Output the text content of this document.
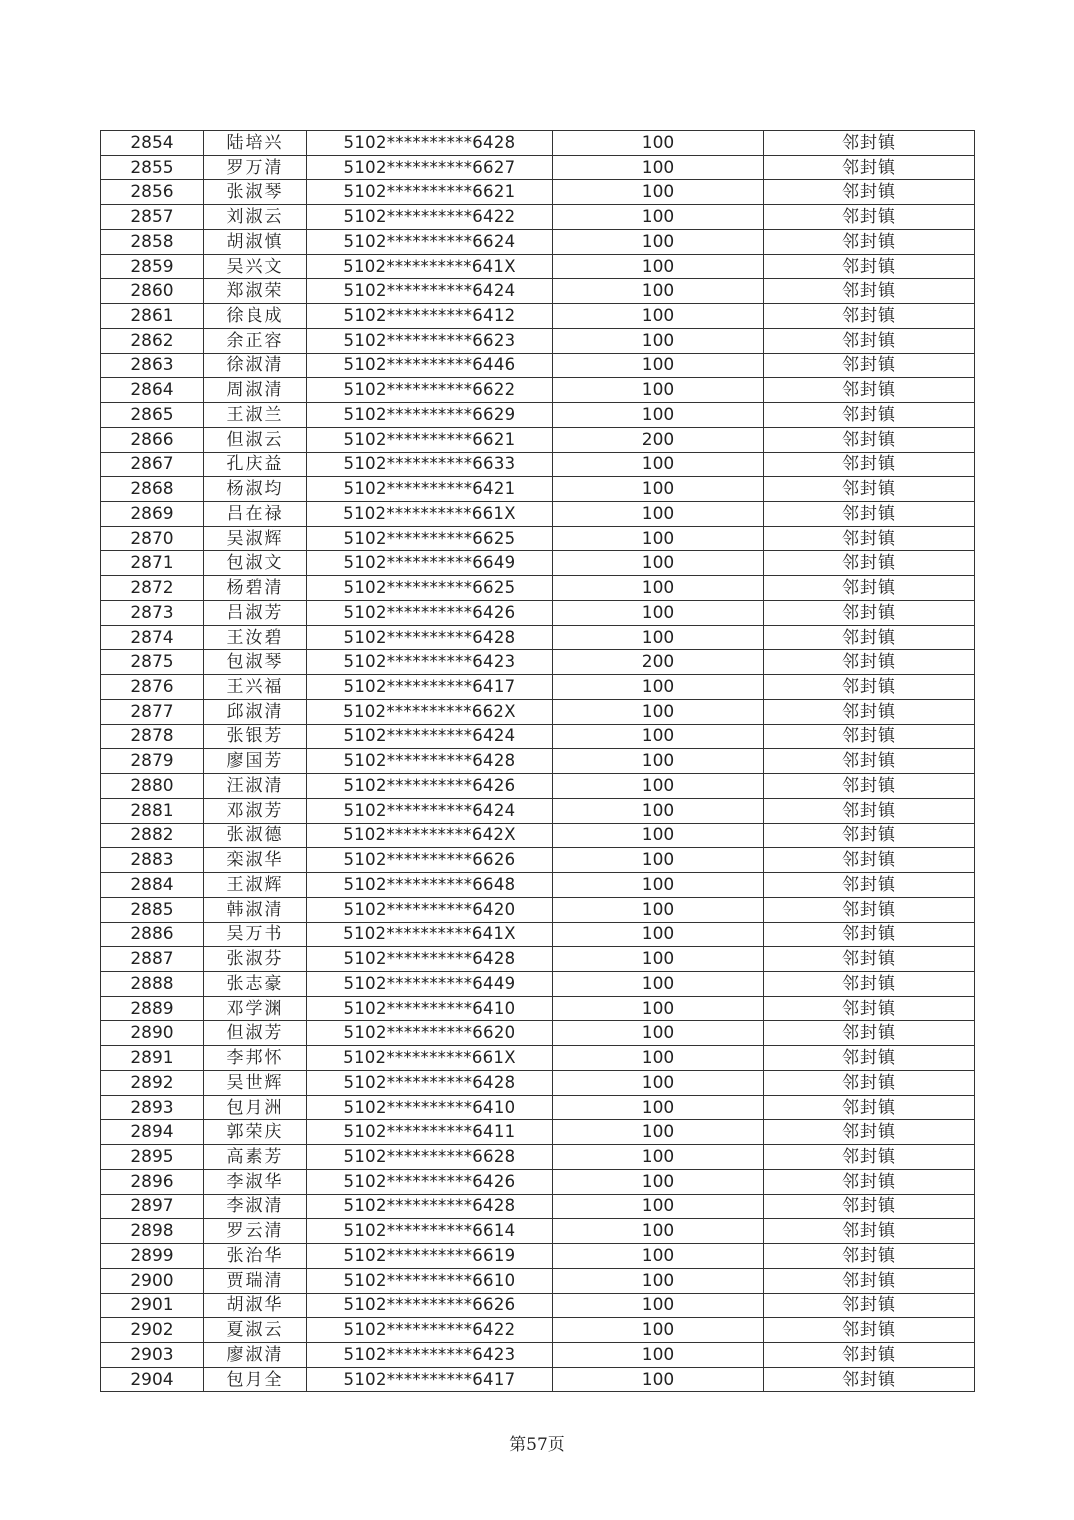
2854	陆培兴	5102**********6428	100	邻封镇
2855	罗万清	5102**********6627	100	邻封镇
2856	张淑琴	5102**********6621	100	邻封镇
2857	刘淑云	5102**********6422	100	邻封镇
2858	胡淑慎	5102**********6624	100	邻封镇
2859	吴兴文	5102**********641X	100	邻封镇
2860	郑淑荣	5102**********6424	100	邻封镇
2861	徐良成	5102**********6412	100	邻封镇
2862	余正容	5102**********6623	100	邻封镇
2863	徐淑清	5102**********6446	100	邻封镇
2864	周淑清	5102**********6622	100	邻封镇
2865	王淑兰	5102**********6629	100	邻封镇
2866	但淑云	5102**********6621	200	邻封镇
2867	孔庆益	5102**********6633	100	邻封镇
2868	杨淑均	5102**********6421	100	邻封镇
2869	吕在禄	5102**********661X	100	邻封镇
2870	吴淑辉	5102**********6625	100	邻封镇
2871	包淑文	5102**********6649	100	邻封镇
2872	杨碧清	5102**********6625	100	邻封镇
2873	吕淑芳	5102**********6426	100	邻封镇
2874	王汝碧	5102**********6428	100	邻封镇
2875	包淑琴	5102**********6423	200	邻封镇
2876	王兴福	5102**********6417	100	邻封镇
2877	邱淑清	5102**********662X	100	邻封镇
2878	张银芳	5102**********6424	100	邻封镇
2879	廖国芳	5102**********6428	100	邻封镇
2880	汪淑清	5102**********6426	100	邻封镇
2881	邓淑芳	5102**********6424	100	邻封镇
2882	张淑德	5102**********642X	100	邻封镇
2883	栾淑华	5102**********6626	100	邻封镇
2884	王淑辉	5102**********6648	100	邻封镇
2885	韩淑清	5102**********6420	100	邻封镇
2886	吴万书	5102**********641X	100	邻封镇
2887	张淑芬	5102**********6428	100	邻封镇
2888	张志豪	5102**********6449	100	邻封镇
2889	邓学渊	5102**********6410	100	邻封镇
2890	但淑芳	5102**********6620	100	邻封镇
2891	李邦怀	5102**********661X	100	邻封镇
2892	吴世辉	5102**********6428	100	邻封镇
2893	包月洲	5102**********6410	100	邻封镇
2894	郭荣庆	5102**********6411	100	邻封镇
2895	高素芳	5102**********6628	100	邻封镇
2896	李淑华	5102**********6426	100	邻封镇
2897	李淑清	5102**********6428	100	邻封镇
2898	罗云清	5102**********6614	100	邻封镇
2899	张治华	5102**********6619	100	邻封镇
2900	贾瑞清	5102**********6610	100	邻封镇
2901	胡淑华	5102**********6626	100	邻封镇
2902	夏淑云	5102**********6422	100	邻封镇
2903	廖淑清	5102**********6423	100	邻封镇
2904	包月全	5102**********6417	100	邻封镇
第57页
